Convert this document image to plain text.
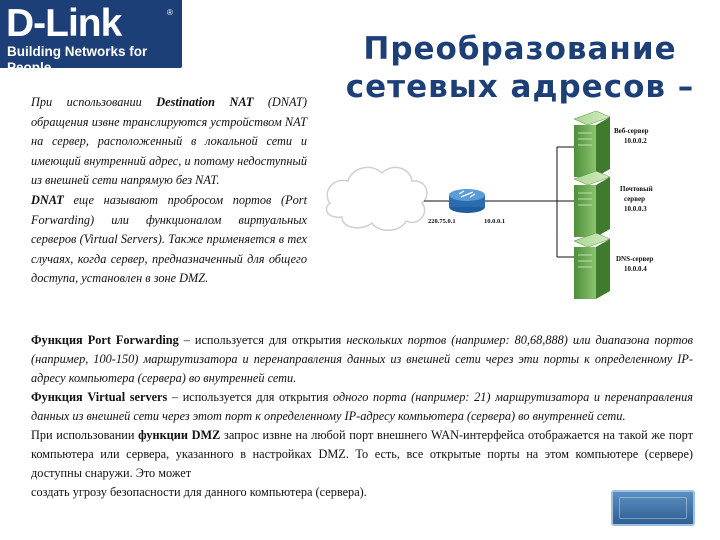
D-Link	®
Building Networks for People
Преобразование
сетевых адресов –

При использовании Destination NAT (DNAT) обращения извне транслируются устройством NAT на сервер, расположенный в локальной сети и имеющий внутренний адрес, и потому недоступный из внешней сети напрямую без NAT.

DNAT еще называют пробросом портов (Port Forwarding) или функционалом виртуальных серверов (Virtual Servers). Также применяется в тех случаях, когда сервер, предназначенный для общего доступа, установлен в зоне DMZ.

220.75.0.1	10.0.0.1
Веб-сервер
10.0.0.2
Почтовый
сервер
10.0.0.3
DNS-сервер
10.0.0.4

Функция Port Forwarding – используется для открытия нескольких портов (например: 80,68,888) или диапазона портов (например, 100-150) маршрутизатора и перенаправления данных из внешней сети через эти порты к определенному IP-адресу компьютера (сервера) во внутренней сети.

Функция Virtual servers – используется для открытия одного порта (например: 21) маршрутизатора и перенаправления данных из внешней сети через этот порт к определенному IP-адресу компьютера (сервера) во внутренней сети.

При использовании функции DMZ запрос извне на любой порт внешнего WAN-интерфейса отображается на такой же порт компьютера или сервера, указанного в настройках DMZ. То есть, все открытые порты на этом компьютере (сервере) доступны снаружи. Это может

создать угрозу безопасности для данного компьютера (сервера).
